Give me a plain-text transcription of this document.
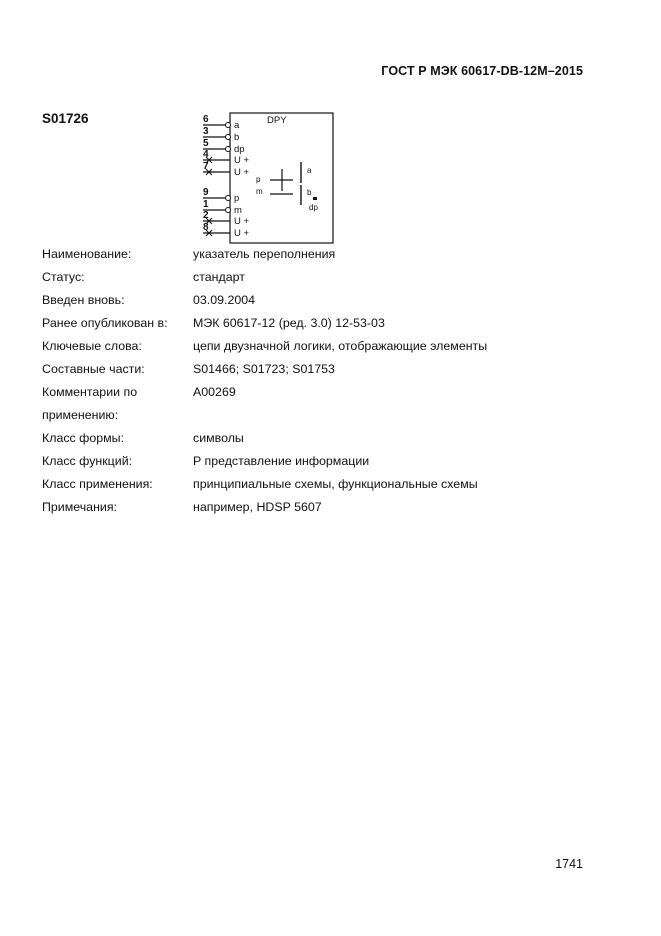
ГОСТ Р МЭК 60617-DB-12М–2015
S01726	DPY
6
a
3
b
5
dp
4
U +
7
U +
p
m
a
b
dp
9
p
1
m
2
U +
8
U +
Наименование:	указатель переполнения
Статус:	стандарт
Введен вновь:	03.09.2004
Ранее опубликован в:	МЭК 60617-12 (ред. 3.0) 12-53-03
Ключевые слова:	цепи двузначной логики, отображающие элементы
Составные части:	S01466; S01723; S01753
Комментарии по	A00269
применению:
Класс формы:	символы
Класс функций:	P представление информации
Класс применения:	принципиальные схемы, функциональные схемы
Примечания:	например, HDSP 5607
1741
